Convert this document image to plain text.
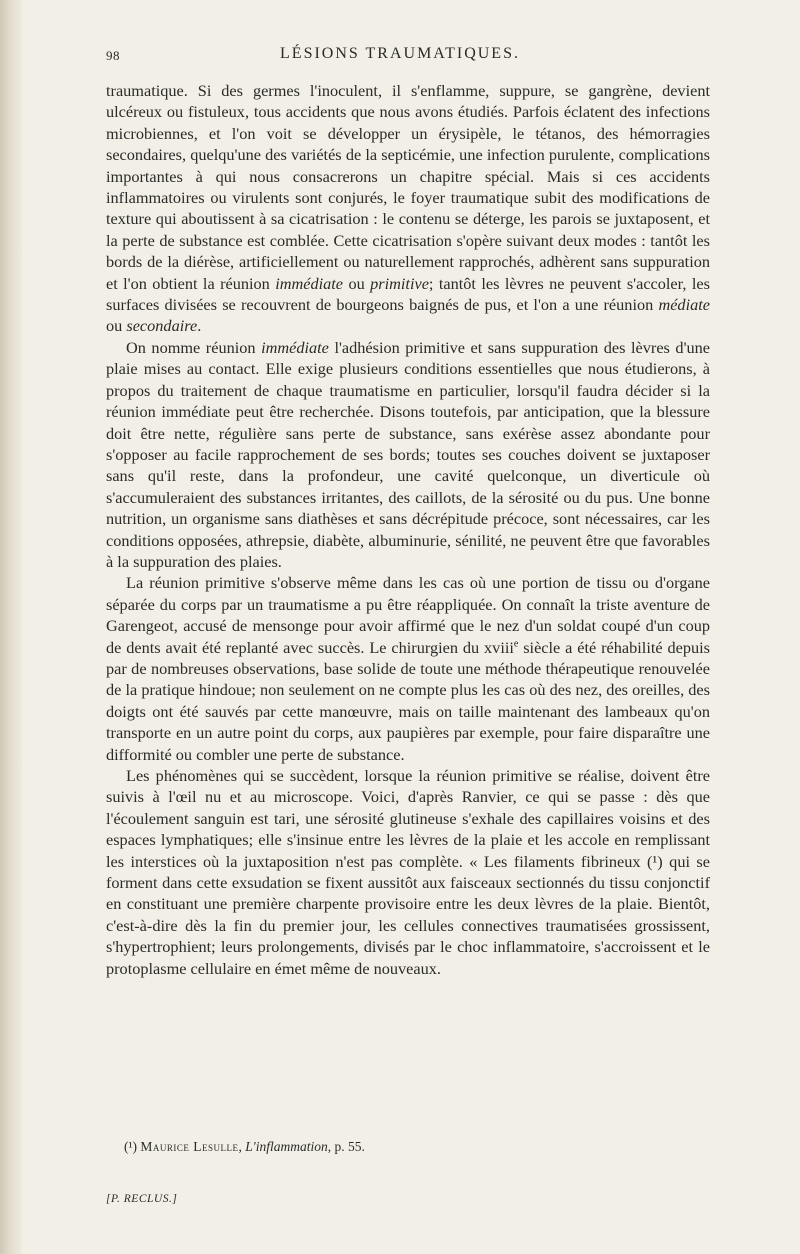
98	LÉSIONS TRAUMATIQUES.

traumatique. Si des germes l'inoculent, il s'enflamme, suppure, se gangrène, devient ulcéreux ou fistuleux, tous accidents que nous avons étudiés. Parfois éclatent des infections microbiennes, et l'on voit se développer un érysipèle, le tétanos, des hémorragies secondaires, quelqu'une des variétés de la septicémie, une infection purulente, complications importantes à qui nous consacrerons un chapitre spécial. Mais si ces accidents inflammatoires ou virulents sont conjurés, le foyer traumatique subit des modifications de texture qui aboutissent à sa cicatrisation : le contenu se déterge, les parois se juxtaposent, et la perte de substance est comblée. Cette cicatrisation s'opère suivant deux modes : tantôt les bords de la diérèse, artificiellement ou naturellement rapprochés, adhèrent sans suppuration et l'on obtient la réunion immédiate ou primitive; tantôt les lèvres ne peuvent s'accoler, les surfaces divisées se recouvrent de bourgeons baignés de pus, et l'on a une réunion médiate ou secondaire.

On nomme réunion immédiate l'adhésion primitive et sans suppuration des lèvres d'une plaie mises au contact. Elle exige plusieurs conditions essentielles que nous étudierons, à propos du traitement de chaque traumatisme en particulier, lorsqu'il faudra décider si la réunion immédiate peut être recherchée. Disons toutefois, par anticipation, que la blessure doit être nette, régulière sans perte de substance, sans exérèse assez abondante pour s'opposer au facile rapprochement de ses bords; toutes ses couches doivent se juxtaposer sans qu'il reste, dans la profondeur, une cavité quelconque, un diverticule où s'accumuleraient des substances irritantes, des caillots, de la sérosité ou du pus. Une bonne nutrition, un organisme sans diathèses et sans décrépitude précoce, sont nécessaires, car les conditions opposées, athrepsie, diabète, albuminurie, sénilité, ne peuvent être que favorables à la suppuration des plaies.

La réunion primitive s'observe même dans les cas où une portion de tissu ou d'organe séparée du corps par un traumatisme a pu être réappliquée. On connaît la triste aventure de Garengeot, accusé de mensonge pour avoir affirmé que le nez d'un soldat coupé d'un coup de dents avait été replanté avec succès. Le chirurgien du xviii$^e$ siècle a été réhabilité depuis par de nombreuses observations, base solide de toute une méthode thérapeutique renouvelée de la pratique hindoue; non seulement on ne compte plus les cas où des nez, des oreilles, des doigts ont été sauvés par cette manœuvre, mais on taille maintenant des lambeaux qu'on transporte en un autre point du corps, aux paupières par exemple, pour faire disparaître une difformité ou combler une perte de substance.

Les phénomènes qui se succèdent, lorsque la réunion primitive se réalise, doivent être suivis à l'œil nu et au microscope. Voici, d'après Ranvier, ce qui se passe : dès que l'écoulement sanguin est tari, une sérosité glutineuse s'exhale des capillaires voisins et des espaces lymphatiques; elle s'insinue entre les lèvres de la plaie et les accole en remplissant les interstices où la juxtaposition n'est pas complète. « Les filaments fibrineux (¹) qui se forment dans cette exsudation se fixent aussitôt aux faisceaux sectionnés du tissu conjonctif en constituant une première charpente provisoire entre les deux lèvres de la plaie. Bientôt, c'est-à-dire dès la fin du premier jour, les cellules connectives traumatisées grossissent, s'hypertrophient; leurs prolongements, divisés par le choc inflammatoire, s'accroissent et le protoplasme cellulaire en émet même de nouveaux.

(¹) Maurice Lesulle, L'inflammation, p. 55.
[P. RECLUS.]
